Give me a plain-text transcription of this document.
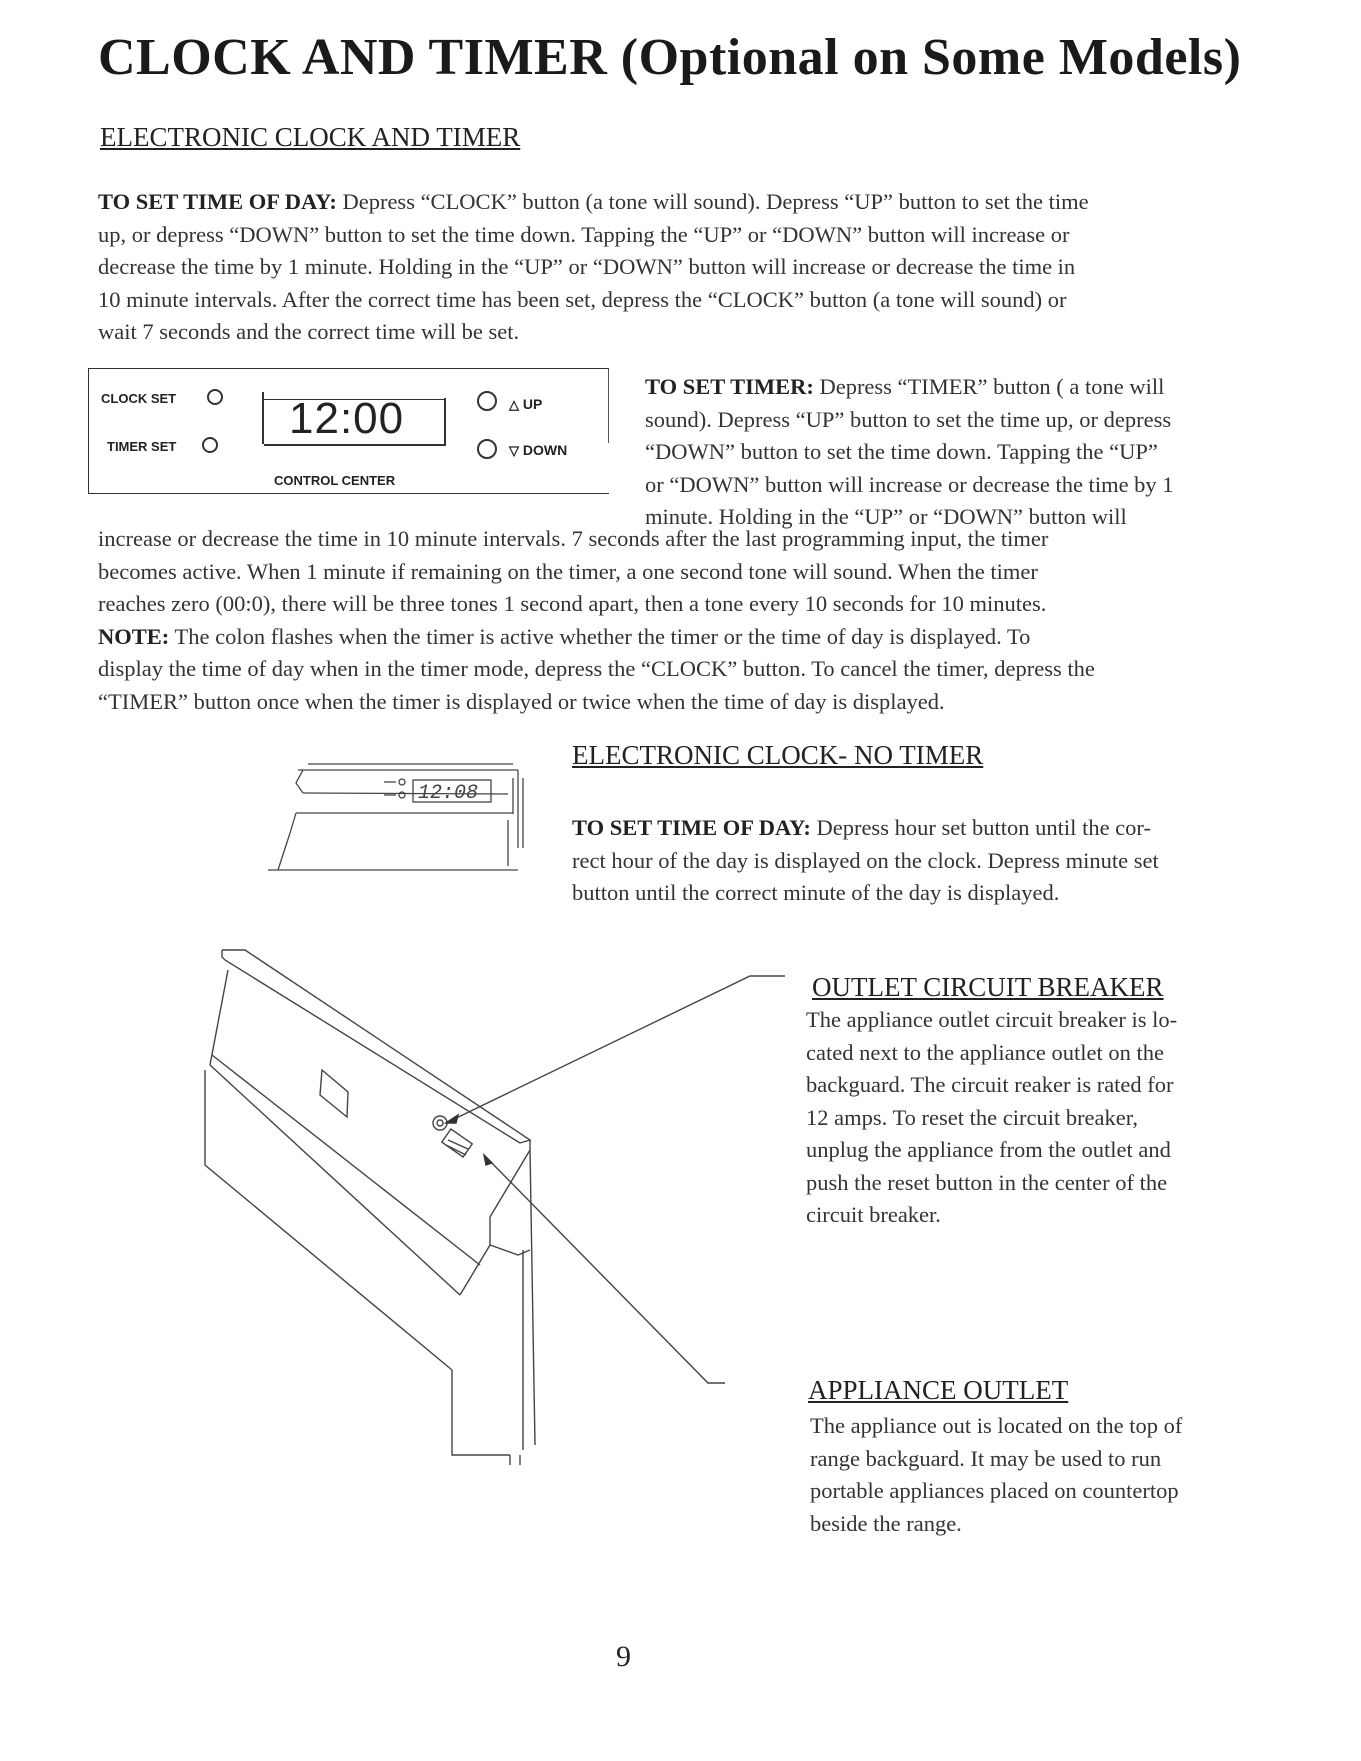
CLOCK AND TIMER (Optional on Some Models)
ELECTRONIC CLOCK AND TIMER
TO SET TIME OF DAY: Depress “CLOCK” button (a tone will sound). Depress “UP” button to set the time
up, or depress “DOWN” button to set the time down. Tapping the “UP” or “DOWN” button will increase or
decrease the time by 1 minute. Holding in the “UP” or “DOWN” button will increase or decrease the time in
10 minute intervals. After the correct time has been set, depress the “CLOCK” button (a tone will sound) or
wait 7 seconds and the correct time will be set.
CLOCK SET
TIMER SET
12:00
CONTROL CENTER
△ UP
▽ DOWN
TO SET TIMER: Depress “TIMER” button ( a tone will
sound). Depress “UP” button to set the time up, or depress
“DOWN” button to set the time down. Tapping the “UP”
or “DOWN” button will increase or decrease the time by 1
minute. Holding in the “UP” or “DOWN” button will
increase or decrease the time in 10 minute intervals. 7 seconds after the last programming input, the timer
becomes active. When 1 minute if remaining on the timer, a one second tone will sound. When the timer
reaches zero (00:0), there will be three tones 1 second apart, then a tone every 10 seconds for 10 minutes.
NOTE: The colon flashes when the timer is active whether the timer or the time of day is displayed. To
display the time of day when in the timer mode, depress the “CLOCK” button. To cancel the timer, depress the
“TIMER” button once when the timer is displayed or twice when the time of day is displayed.
ELECTRONIC CLOCK- NO TIMER
12:08
TO SET TIME OF DAY: Depress hour set button until the cor-
rect hour of the day is displayed on the clock. Depress minute set
button until the correct minute of the day is displayed.
OUTLET CIRCUIT BREAKER
The appliance outlet circuit breaker is lo-
cated next to the appliance outlet on the
backguard. The circuit reaker is rated for
12 amps. To reset the circuit breaker,
unplug the appliance from the outlet and
push the reset button in the center of the
circuit breaker.
APPLIANCE OUTLET
The appliance out is located on the top of
range backguard. It may be used to run
portable appliances placed on countertop
beside the range.
9
